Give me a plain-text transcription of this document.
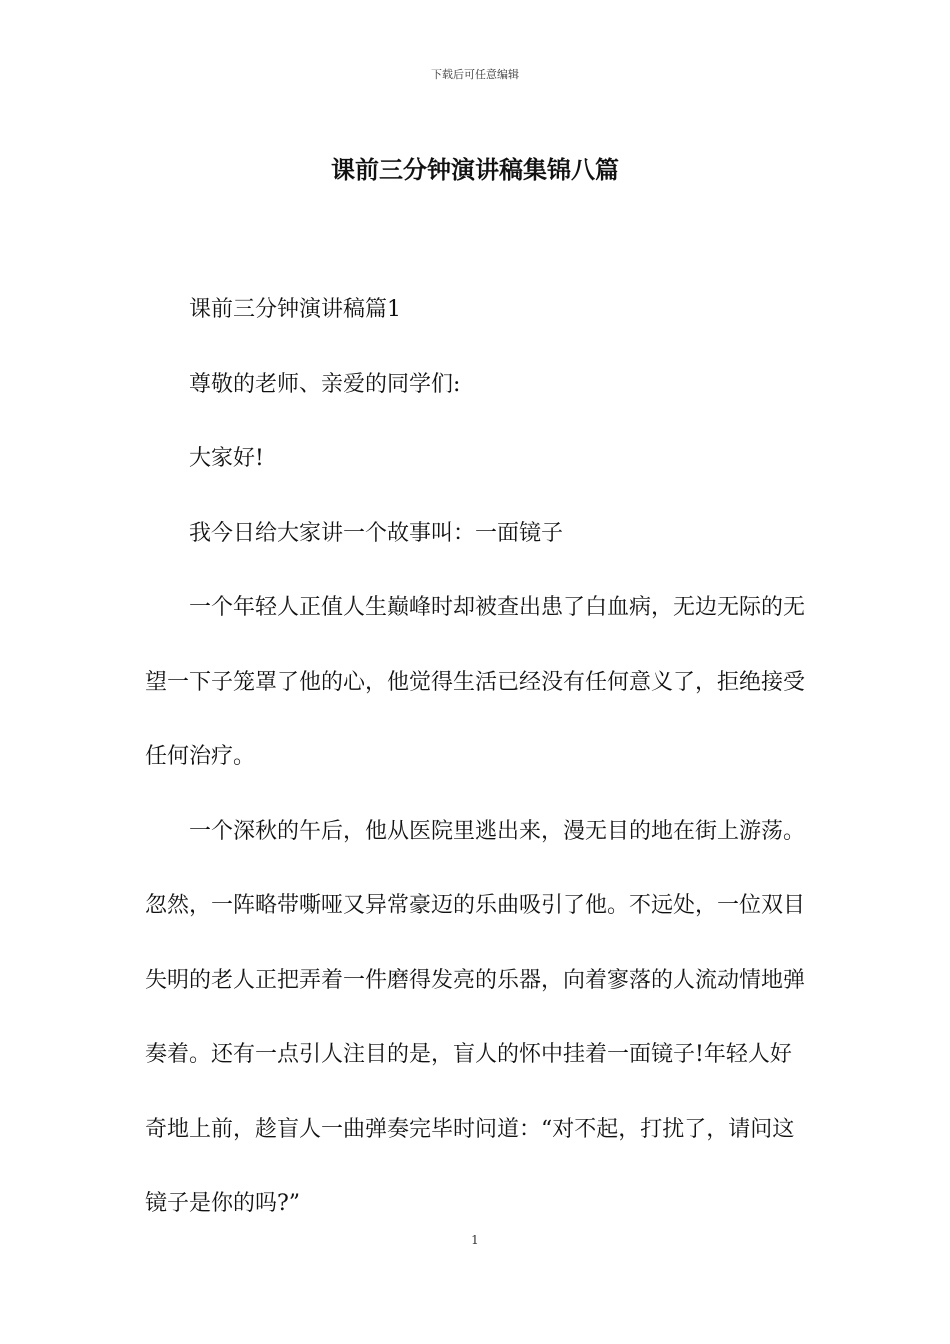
下载后可任意编辑
课前三分钟演讲稿集锦八篇

课前三分钟演讲稿篇1

尊敬的老师、亲爱的同学们:

大家好!

我今日给大家讲一个故事叫：一面镜子

一个年轻人正值人生巅峰时却被查出患了白血病，无边无际的无望一下子笼罩了他的心，他觉得生活已经没有任何意义了，拒绝接受任何治疗。

一个深秋的午后，他从医院里逃出来，漫无目的地在街上游荡。忽然，一阵略带嘶哑又异常豪迈的乐曲吸引了他。不远处，一位双目失明的老人正把弄着一件磨得发亮的乐器，向着寥落的人流动情地弹奏着。还有一点引人注目的是，盲人的怀中挂着一面镜子!年轻人好奇地上前，趁盲人一曲弹奏完毕时问道：“对不起，打扰了，请问这镜子是你的吗?”

1
